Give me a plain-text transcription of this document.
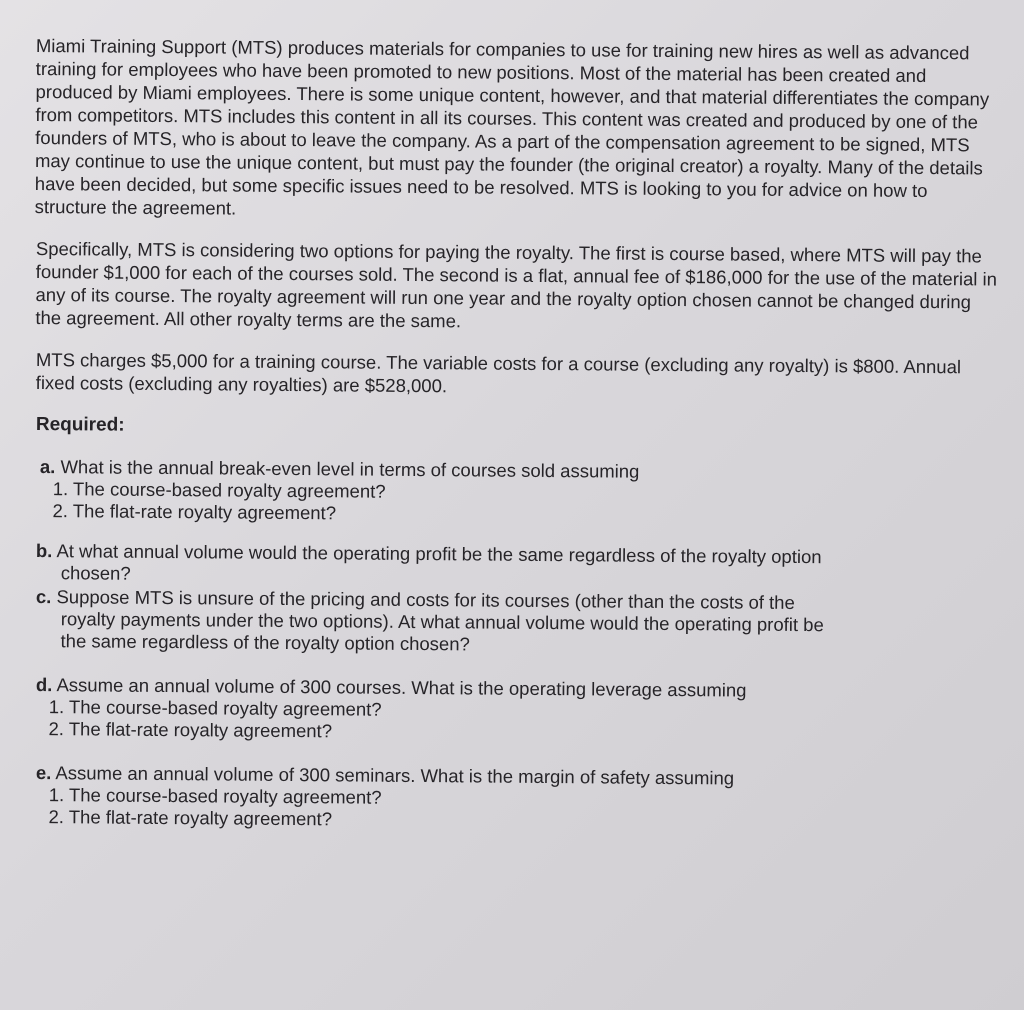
Miami Training Support (MTS) produces materials for companies to use for training new hires as well as advanced training for employees who have been promoted to new positions. Most of the material has been created and produced by Miami employees. There is some unique content, however, and that material differentiates the company from competitors. MTS includes this content in all its courses. This content was created and produced by one of the founders of MTS, who is about to leave the company. As a part of the compensation agreement to be signed, MTS may continue to use the unique content, but must pay the founder (the original creator) a royalty. Many of the details have been decided, but some specific issues need to be resolved. MTS is looking to you for advice on how to structure the agreement.

Specifically, MTS is considering two options for paying the royalty. The first is course based, where MTS will pay the founder $1,000 for each of the courses sold. The second is a flat, annual fee of $186,000 for the use of the material in any of its course. The royalty agreement will run one year and the royalty option chosen cannot be changed during the agreement. All other royalty terms are the same.

MTS charges $5,000 for a training course. The variable costs for a course (excluding any royalty) is $800. Annual fixed costs (excluding any royalties) are $528,000.

Required:
a. What is the annual break-even level in terms of courses sold assuming
1. The course-based royalty agreement?
2. The flat-rate royalty agreement?
b. At what annual volume would the operating profit be the same regardless of the royalty option
chosen?
c. Suppose MTS is unsure of the pricing and costs for its courses (other than the costs of the
royalty payments under the two options). At what annual volume would the operating profit be
the same regardless of the royalty option chosen?
d. Assume an annual volume of 300 courses. What is the operating leverage assuming
1. The course-based royalty agreement?
2. The flat-rate royalty agreement?
e. Assume an annual volume of 300 seminars. What is the margin of safety assuming
1. The course-based royalty agreement?
2. The flat-rate royalty agreement?
